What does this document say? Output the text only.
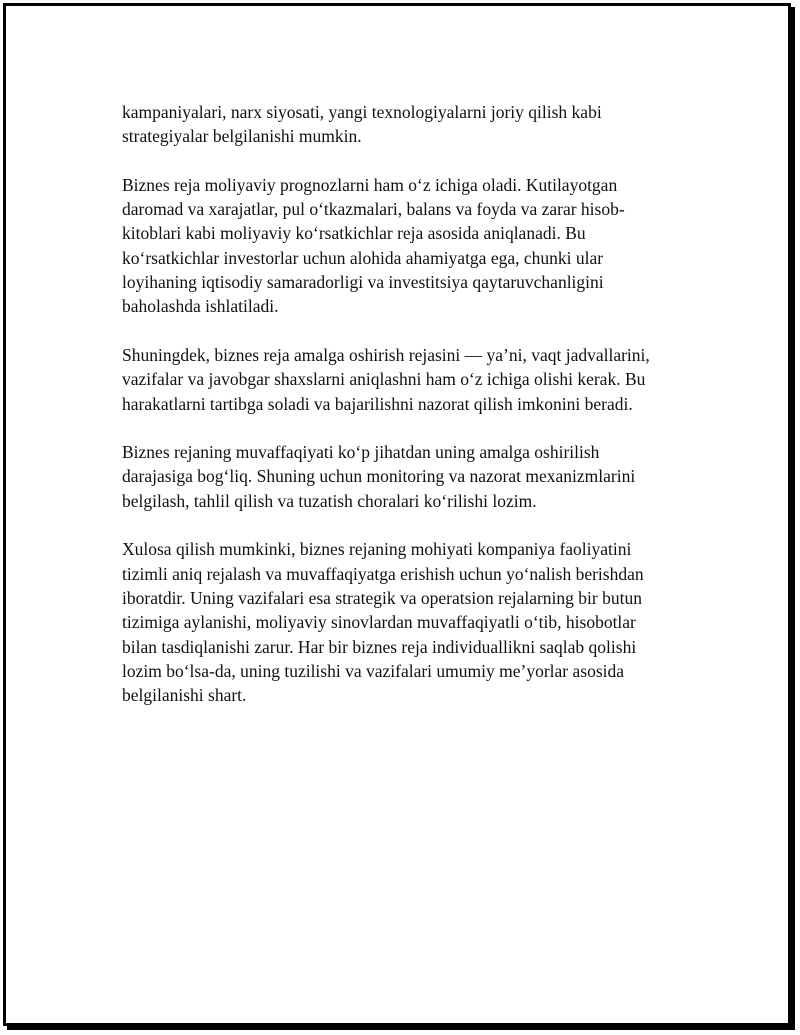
kampaniyalari, narx siyosati, yangi texnologiyalarni joriy qilish kabi
strategiyalar belgilanishi mumkin.

Biznes reja moliyaviy prognozlarni ham o‘z ichiga oladi. Kutilayotgan
daromad va xarajatlar, pul o‘tkazmalari, balans va foyda va zarar hisob-
kitoblari kabi moliyaviy ko‘rsatkichlar reja asosida aniqlanadi. Bu
ko‘rsatkichlar investorlar uchun alohida ahamiyatga ega, chunki ular
loyihaning iqtisodiy samaradorligi va investitsiya qaytaruvchanligini
baholashda ishlatiladi.

Shuningdek, biznes reja amalga oshirish rejasini — ya’ni, vaqt jadvallarini,
vazifalar va javobgar shaxslarni aniqlashni ham o‘z ichiga olishi kerak. Bu
harakatlarni tartibga soladi va bajarilishni nazorat qilish imkonini beradi.

Biznes rejaning muvaffaqiyati ko‘p jihatdan uning amalga oshirilish
darajasiga bog‘liq. Shuning uchun monitoring va nazorat mexanizmlarini
belgilash, tahlil qilish va tuzatish choralari ko‘rilishi lozim.

Xulosa qilish mumkinki, biznes rejaning mohiyati kompaniya faoliyatini
tizimli aniq rejalash va muvaffaqiyatga erishish uchun yo‘nalish berishdan
iboratdir. Uning vazifalari esa strategik va operatsion rejalarning bir butun
tizimiga aylanishi, moliyaviy sinovlardan muvaffaqiyatli o‘tib, hisobotlar
bilan tasdiqlanishi zarur. Har bir biznes reja individuallikni saqlab qolishi
lozim bo‘lsa-da, uning tuzilishi va vazifalari umumiy me’yorlar asosida
belgilanishi shart.
